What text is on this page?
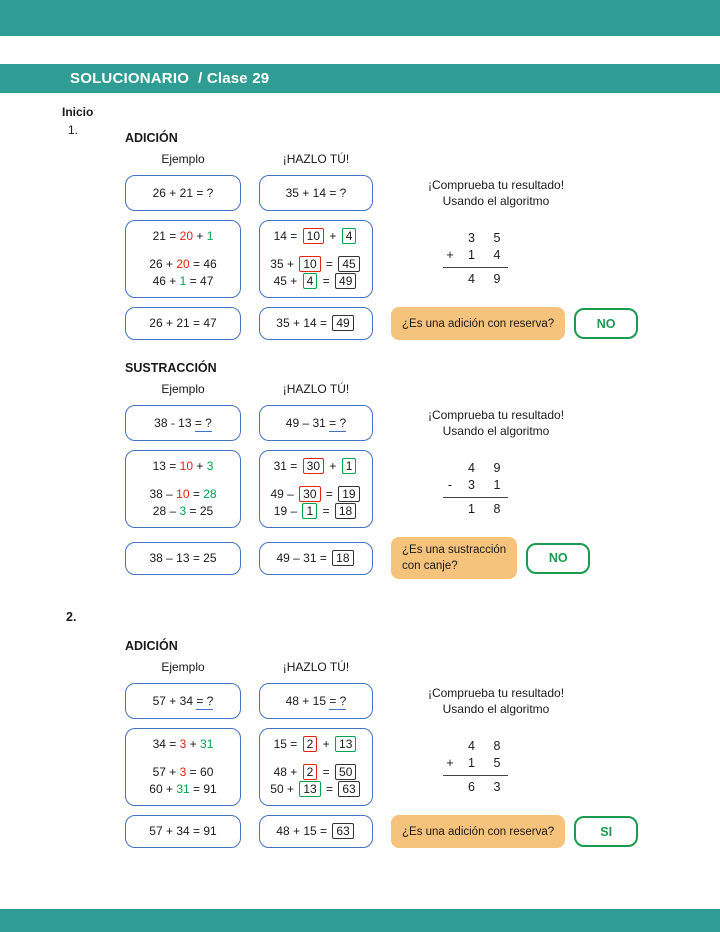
SOLUCIONARIO / Clase 29
Inicio
1.
2.
ADICIÓN
Ejemplo	¡HAZLO TÚ!
26 + 21 = ?	35 + 14 = ?
¡Comprueba tu resultado!
Usando el algoritmo
21 = 20 + 1
26 + 20 = 46
46 + 1 = 47
14 = 10 + 4
35 + 10 = 45
45 + 4 = 49
3 5
+ 1 4
4 9
26 + 21 = 47	35 + 14 = 49	¿Es una adición con reserva?	NO
SUSTRACCIÓN
Ejemplo	¡HAZLO TÚ!
38 - 13 = ?	49 – 31 = ?
¡Comprueba tu resultado!
Usando el algoritmo
13 = 10 + 3
38 – 10 = 28
28 – 3 = 25
31 = 30 + 1
49 – 30 = 19
19 – 1 = 18
4 9
- 3 1
1 8
38 – 13 = 25	49 – 31 = 18
¿Es una sustracción
con canje?
NO
ADICIÓN
Ejemplo	¡HAZLO TÚ!
57 + 34 = ?	48 + 15 = ?
¡Comprueba tu resultado!
Usando el algoritmo
34 = 3 + 31
57 + 3 = 60
60 + 31 = 91
15 = 2 + 13
48 + 2 = 50
50 + 13 = 63
4 8
+ 1 5
6 3
57 + 34 = 91	48 + 15 = 63	¿Es una adición con reserva?	SI
